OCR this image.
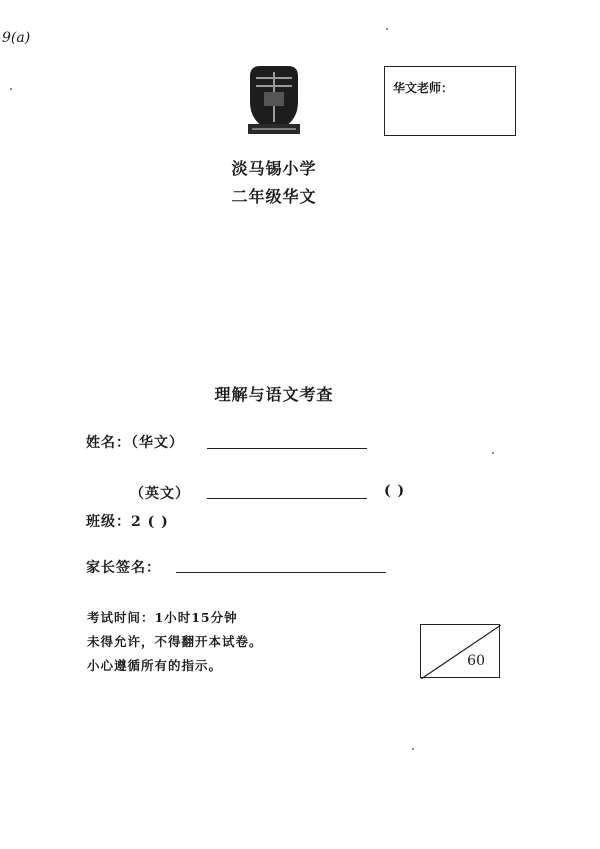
9(a)
华文老师：
淡马锡小学
二年级华文
理解与语文考查
姓名：（华文）
（英文）	( )
班级：2 ( )
家长签名：
考试时间：1小时15分钟
未得允许，不得翻开本试卷。
小心遵循所有的指示。	60
